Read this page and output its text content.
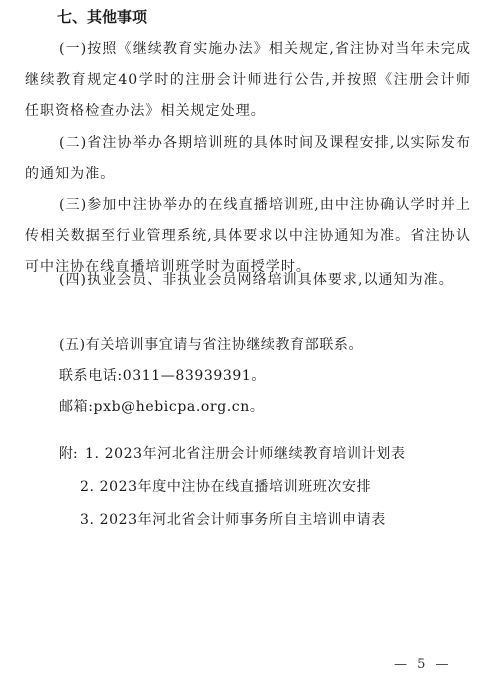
七、其他事项
(一)按照《继续教育实施办法》相关规定,省注协对当年未完成继续教育规定40学时的注册会计师进行公告,并按照《注册会计师任职资格检查办法》相关规定处理。
(二)省注协举办各期培训班的具体时间及课程安排,以实际发布的通知为准。
(三)参加中注协举办的在线直播培训班,由中注协确认学时并上传相关数据至行业管理系统,具体要求以中注协通知为准。省注协认可中注协在线直播培训班学时为面授学时。
(四)执业会员、非执业会员网络培训具体要求,以通知为准。
(五)有关培训事宜请与省注协继续教育部联系。
联系电话:0311—83939391。
邮箱:pxb@hebicpa.org.cn。
附: 1. 2023年河北省注册会计师继续教育培训计划表
2. 2023年度中注协在线直播培训班班次安排
3. 2023年河北省会计师事务所自主培训申请表
— 5 —
